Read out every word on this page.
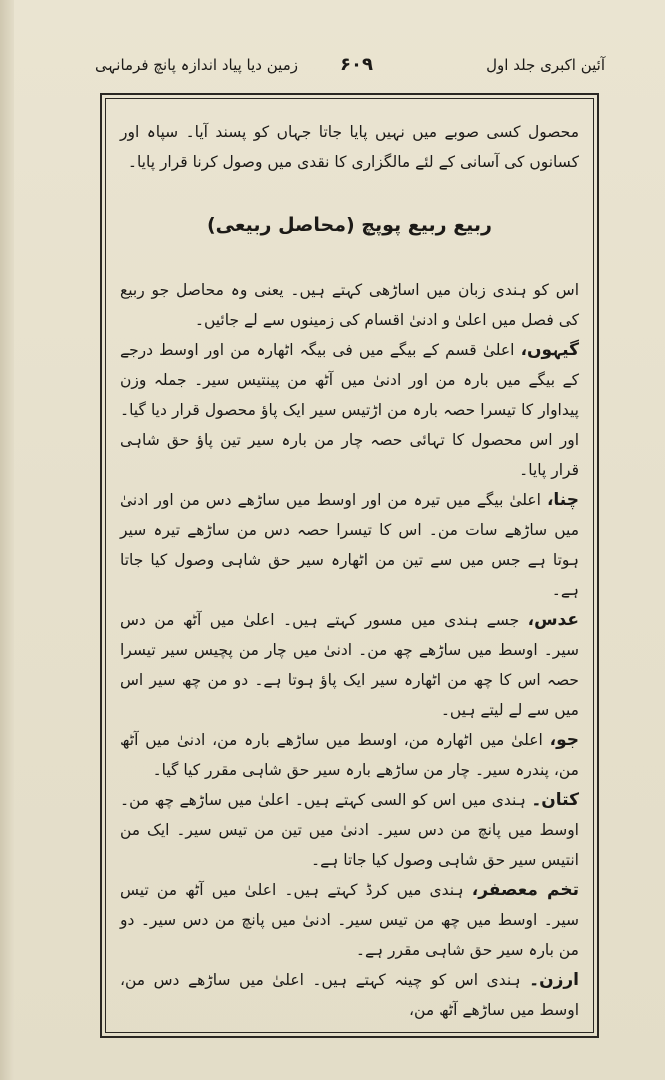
زمین دیا پیاد اندازہ پانچ فرمانہی ۶۰۹	آئین اکبری جلد اول

محصول کسی صوبے میں نہیں پایا جاتا جہاں کو پسند آیا۔ سپاہ اور کسانوں کی آسانی کے لئے مالگزاری کا نقدی میں وصول کرنا قرار پایا۔

ربیع ربیع پوپچ (محاصل ربیعی)

اس کو ہندی زبان میں اساڑھی کہتے ہیں۔ یعنی وہ محاصل جو ربیع کی فصل میں اعلیٰ و ادنیٰ اقسام کی زمینوں سے لے جائیں۔

گیہوں، اعلیٰ قسم کے بیگے میں فی بیگہ اٹھارہ من اور اوسط درجے کے بیگے میں بارہ من اور ادنیٰ میں آٹھ من پینتیس سیر۔ جملہ وزن پیداوار کا تیسرا حصہ بارہ من اڑتیس سیر ایک پاؤ محصول قرار دیا گیا۔ اور اس محصول کا تہائی حصہ چار من بارہ سیر تین پاؤ حق شاہی قرار پایا۔

چنا، اعلیٰ بیگے میں تیرہ من اور اوسط میں ساڑھے دس من اور ادنیٰ میں ساڑھے سات من۔ اس کا تیسرا حصہ دس من ساڑھے تیرہ سیر ہوتا ہے جس میں سے تین من اٹھارہ سیر حق شاہی وصول کیا جاتا ہے۔

عدس، جسے ہندی میں مسور کہتے ہیں۔ اعلیٰ میں آٹھ من دس سیر۔ اوسط میں ساڑھے چھ من۔ ادنیٰ میں چار من پچیس سیر تیسرا حصہ اس کا چھ من اٹھارہ سیر ایک پاؤ ہوتا ہے۔ دو من چھ سیر اس میں سے لے لیتے ہیں۔

جو، اعلیٰ میں اٹھارہ من، اوسط میں ساڑھے بارہ من، ادنیٰ میں آٹھ من، پندرہ سیر۔ چار من ساڑھے بارہ سیر حق شاہی مقرر کیا گیا۔

کتان۔ ہندی میں اس کو السی کہتے ہیں۔ اعلیٰ میں ساڑھے چھ من۔ اوسط میں پانچ من دس سیر۔ ادنیٰ میں تین من تیس سیر۔ ایک من انتیس سیر حق شاہی وصول کیا جاتا ہے۔

تخم معصفر، ہندی میں کرڈ کہتے ہیں۔ اعلیٰ میں آٹھ من تیس سیر۔ اوسط میں چھ من تیس سیر۔ ادنیٰ میں پانچ من دس سیر۔ دو من بارہ سیر حق شاہی مقرر ہے۔

ارزن۔ ہندی اس کو چینہ کہتے ہیں۔ اعلیٰ میں ساڑھے دس من، اوسط میں ساڑھے آٹھ من،
